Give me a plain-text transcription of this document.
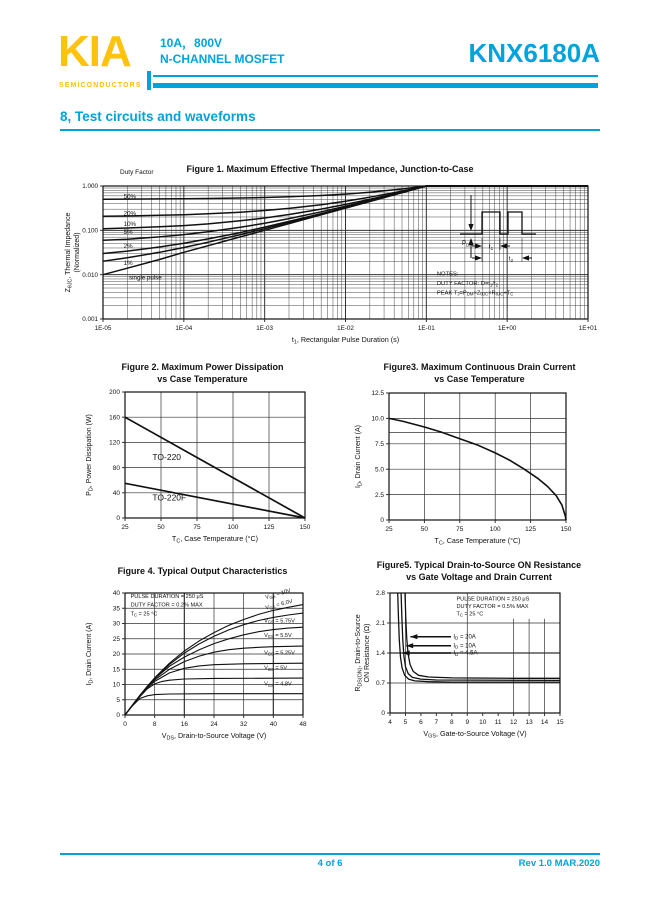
KIA
SEMICONDUCTORS
10A，800V
N-CHANNEL MOSFET	KNX6180A
8, Test circuits and waveforms
Figure 1. Maximum Effective Thermal Impedance, Junction-to-Case
Duty Factor
1E-05	1E-04	1E-03	1E-02	1E-01	1E+00	1E+01
1.000
0.100
0.010
0.001
$t_1$, Rectangular Pulse Duration (s)
$Z_{\theta JC}$, Thermal Impedance (Normalized)
50%
20%
10%
5%
2%
1%
single pulse	NOTES:
DUTY FACTOR: $D=t_1/t_2$
PEAK $T_J=P_{DM}\times Z_{\theta JC}\times R_{\theta JC}+T_C$
$P_{DM}$	$t_1$
$t_2$
Figure 2. Maximum Power Dissipation
vs Case Temperature
25	50	75	100	125	150
0
40
80
120
160
200
$T_C$, Case Temperature (°C)
$P_D$, Power Dissipation (W)	TO-220
TO-220F
Figure3. Maximum Continuous Drain Current
vs Case Temperature
25	50	75	100	125	150
0
2.5
5.0
7.5
10.0
12.5
$T_C$, Case Temperature (°C)
$I_D$, Drain Current (A)
Figure 4. Typical Output Characteristics
0	8	16	24	32	40	48
0
5
10
15
20
25
30
35
40
$V_{DS}$, Drain-to-Source Voltage (V)
$I_D$, Drain Current (A)
PULSE DURATION = 250 μS
DUTY FACTOR = 0.2% MAX
$T_C = 25$ °C
$V_{GS} = 10V$
$V_{GS} = 6.0V$
$V_{GS} = 5.75V$
$V_{GS} = 5.5V$
$V_{GS} = 5.25V$
$V_{GS} = 5V$
$V_{GS} = 4.8V$
Figure5. Typical Drain-to-Source ON Resistance
vs Gate Voltage and Drain Current
4 5 6 7 8 9 10 11 12 13 14 15
0
0.7
1.4
2.1
2.8
$V_{GS}$, Gate-to-Source Voltage (V)
$R_{DS(ON)}$, Drain-to-Source ON Resistance (Ω)
PULSE DURATION = 250 μS
DUTY FACTOR = 0.5% MAX
$T_C = 25$ °C
$I_D = 20A$
$I_D = 10A$
$I_D = 4.5A$
4 of 6	Rev 1.0 MAR.2020
